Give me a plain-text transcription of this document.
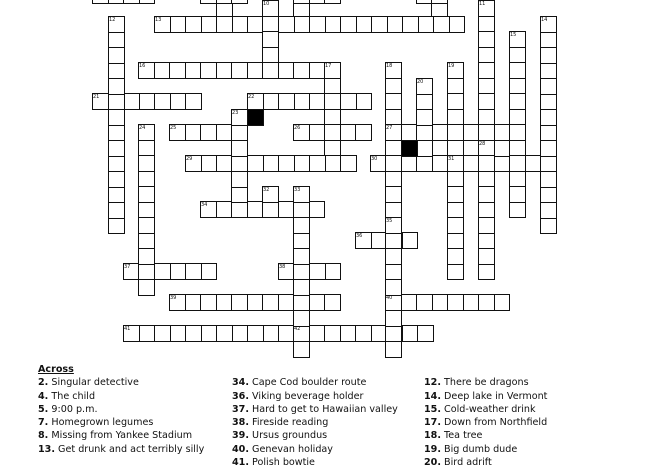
10	11
12	13	14
15
16	17	18	19
20
21	22
23
24	25	26	27
28
29	30	31
32	33
34
35
36
37	38
39	40
41	42
Across
2. Singular detective
4. The child
5. 9:00 p.m.
7. Homegrown legumes
8. Missing from Yankee Stadium
13. Get drunk and act terribly silly
34. Cape Cod boulder route
36. Viking beverage holder
37. Hard to get to Hawaiian valley
38. Fireside reading
39. Ursus groundus
40. Genevan holiday
41. Polish bowtie
12. There be dragons
14. Deep lake in Vermont
15. Cold-weather drink
17. Down from Northfield
18. Tea tree
19. Big dumb dude
20. Bird adrift
